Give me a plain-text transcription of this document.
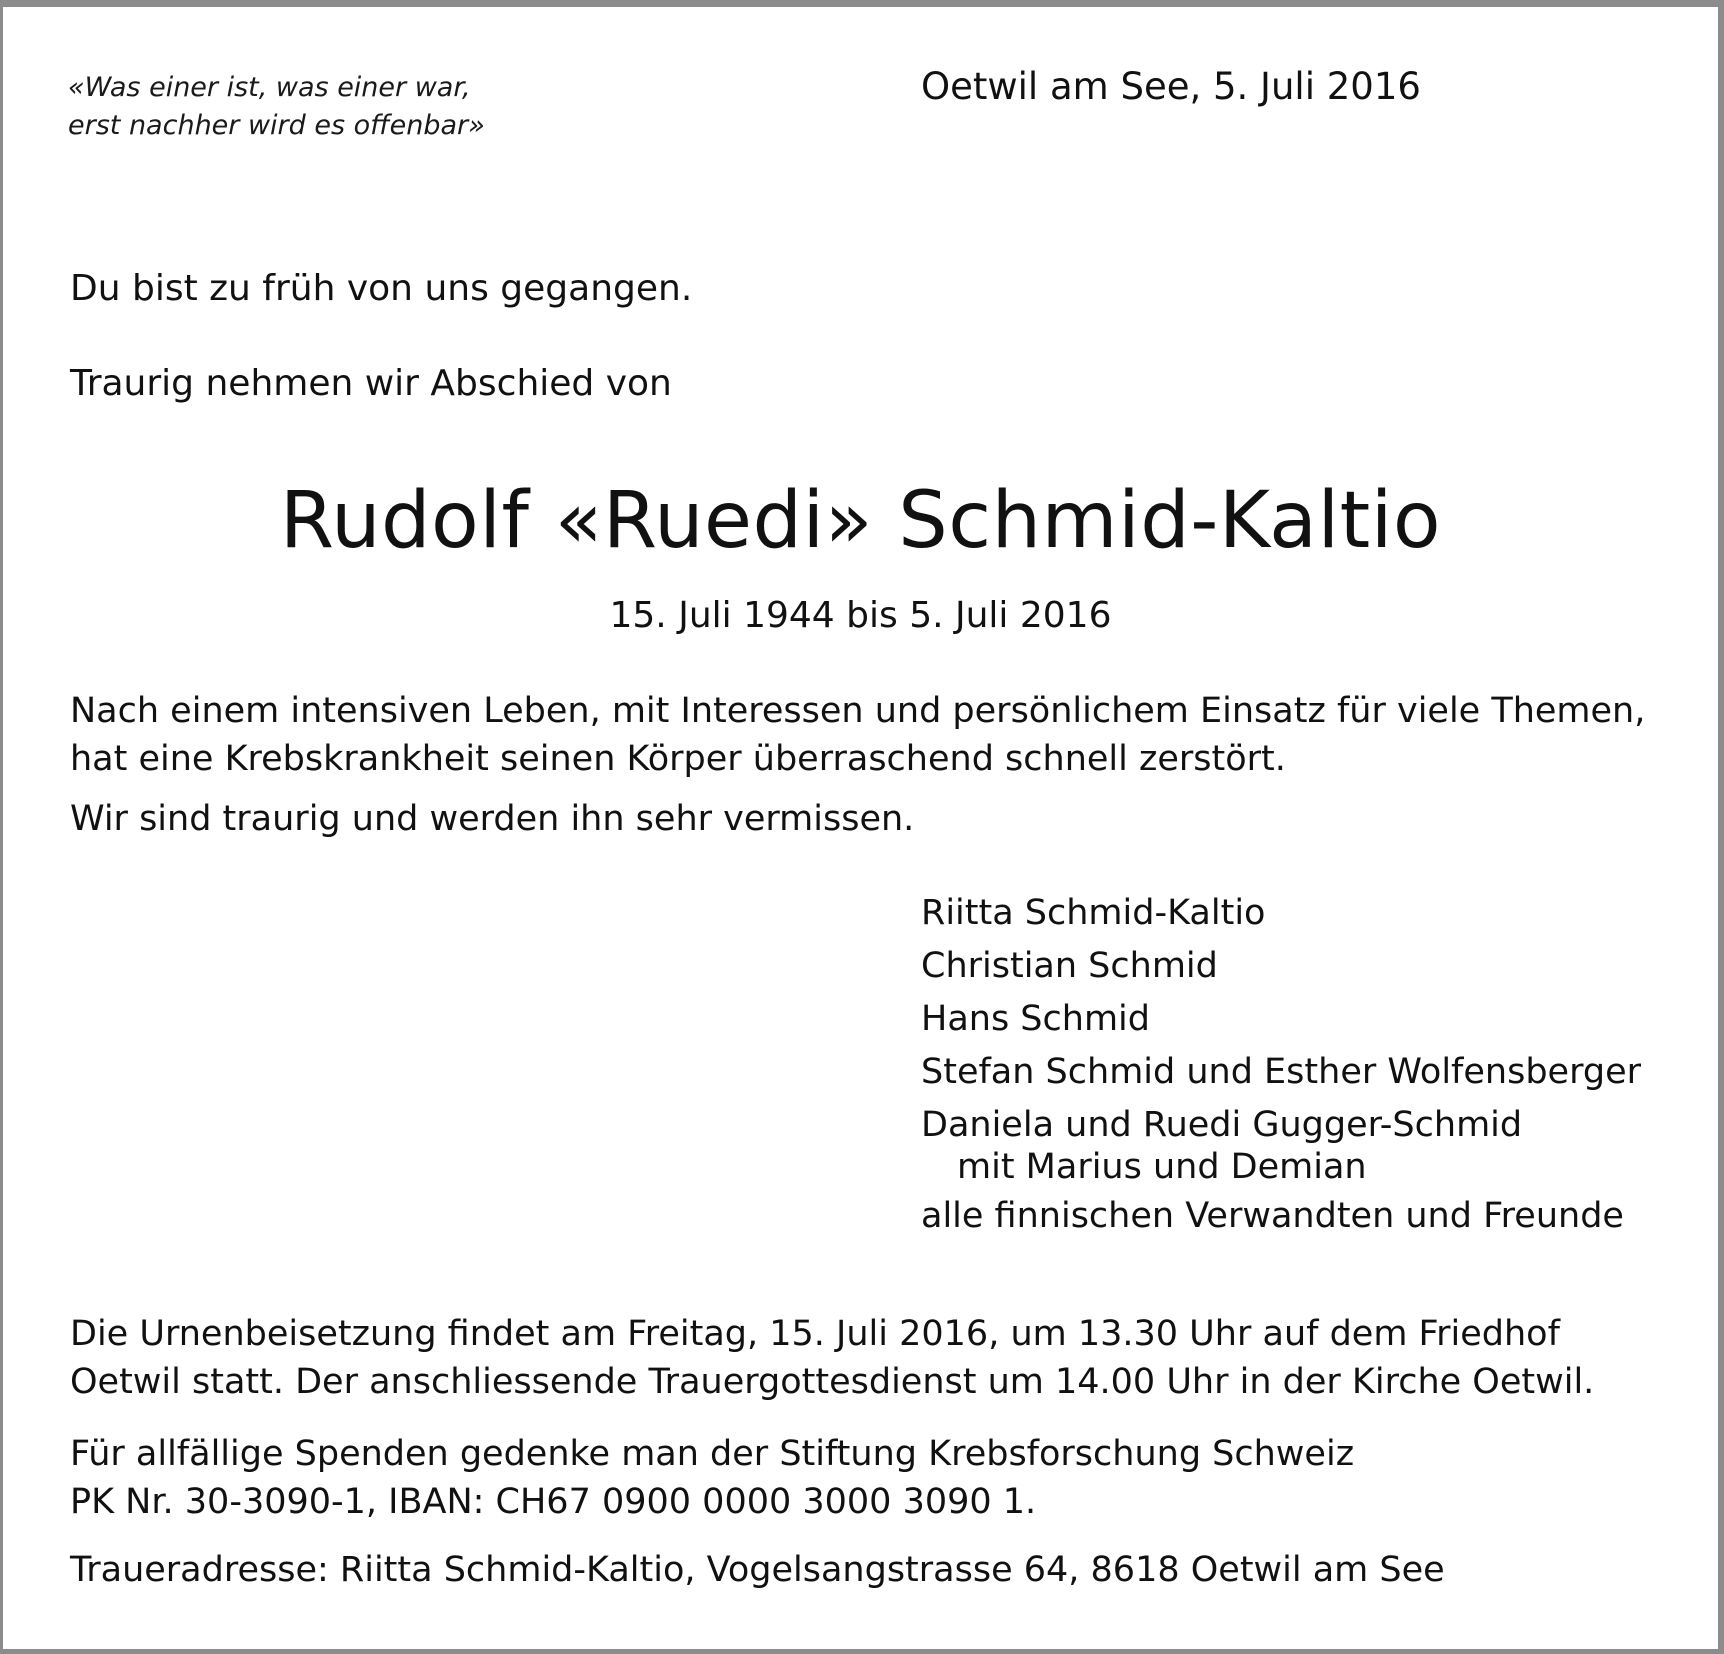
«Was einer ist, was einer war,
erst nachher wird es offenbar»
Oetwil am See, 5. Juli 2016
Du bist zu früh von uns gegangen.
Traurig nehmen wir Abschied von
Rudolf «Ruedi» Schmid-Kaltio
15. Juli 1944 bis 5. Juli 2016
Nach einem intensiven Leben, mit Interessen und persönlichem Einsatz für viele Themen,
hat eine Krebskrankheit seinen Körper überraschend schnell zerstört.
Wir sind traurig und werden ihn sehr vermissen.
Riitta Schmid-Kaltio
Christian Schmid
Hans Schmid
Stefan Schmid und Esther Wolfensberger
Daniela und Ruedi Gugger-Schmid
mit Marius und Demian
alle finnischen Verwandten und Freunde
Die Urnenbeisetzung findet am Freitag, 15. Juli 2016, um 13.30 Uhr auf dem Friedhof
Oetwil statt. Der anschliessende Trauergottesdienst um 14.00 Uhr in der Kirche Oetwil.
Für allfällige Spenden gedenke man der Stiftung Krebsforschung Schweiz
PK Nr. 30-3090-1, IBAN: CH67 0900 0000 3000 3090 1.
Traueradresse: Riitta Schmid-Kaltio, Vogelsangstrasse 64, 8618 Oetwil am See
